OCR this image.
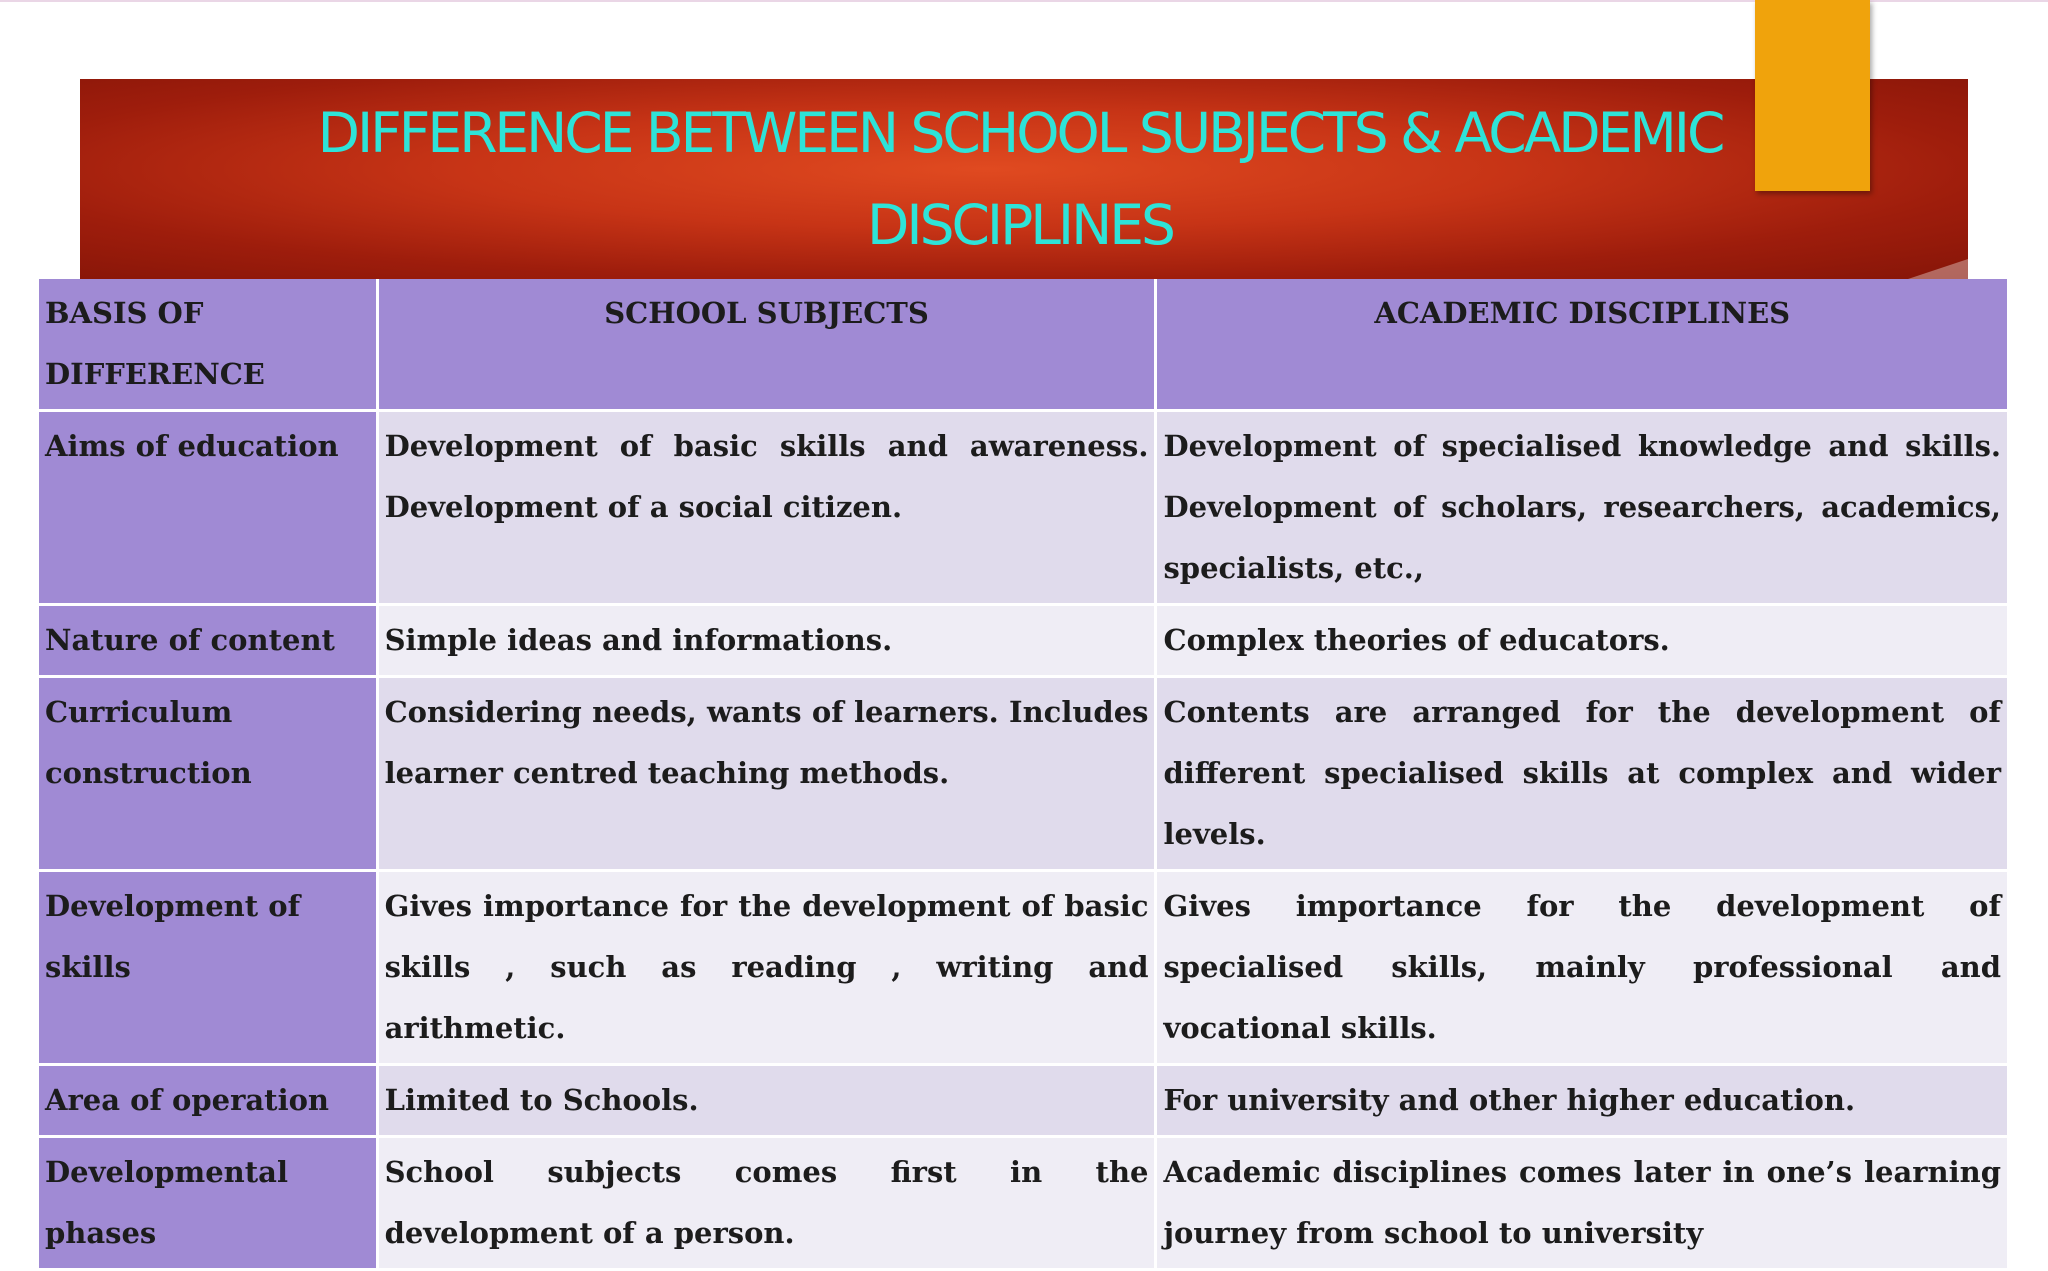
DIFFERENCE BETWEEN SCHOOL SUBJECTS & ACADEMIC DISCIPLINES
BASIS OF DIFFERENCE	SCHOOL SUBJECTS	ACADEMIC DISCIPLINES
Aims of education	Development of basic skills and awareness. Development of a social citizen.	Development of specialised knowledge and skills. Development of scholars, researchers, academics, specialists, etc.,
Nature of content	Simple ideas and informations.	Complex theories of educators.
Curriculum construction	Considering needs, wants of learners. Includes learner centred teaching methods.	Contents are arranged for the development of different specialised skills at complex and wider levels.
Development of skills	Gives importance for the development of basic skills , such as reading , writing and arithmetic.	Gives importance for the development of specialised skills, mainly professional and vocational skills.
Area of operation	Limited to Schools.	For university and other higher education.
Developmental phases	School subjects comes first in the development of a person.	Academic disciplines comes later in one’s learning journey from school to university
